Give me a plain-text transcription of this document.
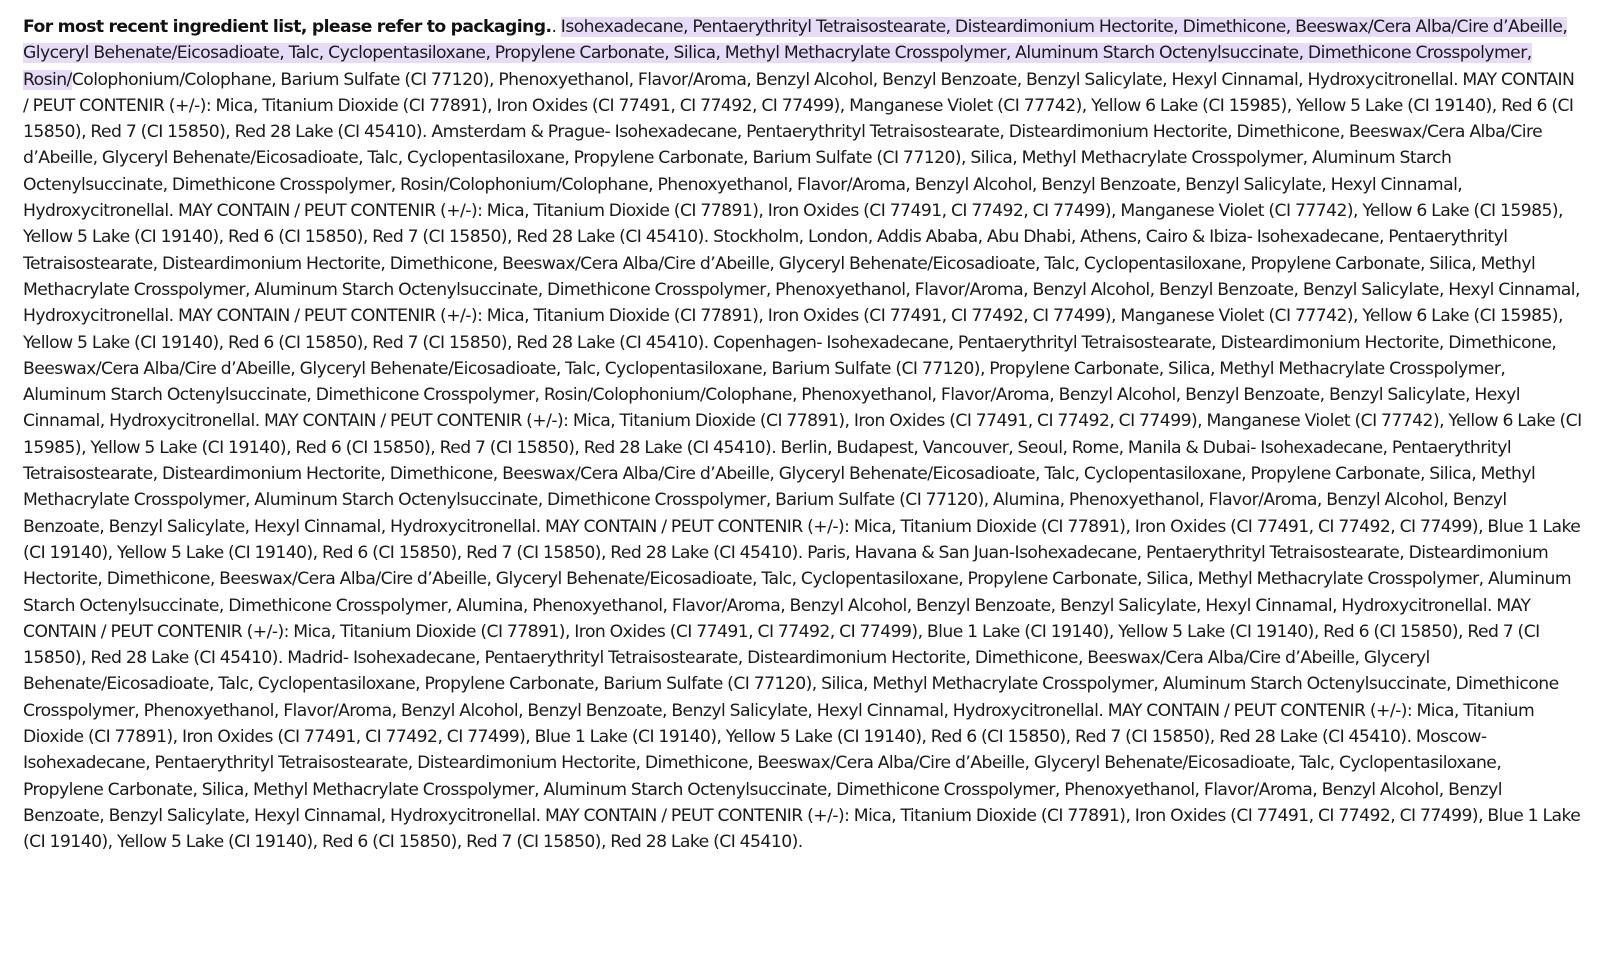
For most recent ingredient list, please refer to packaging.. Isohexadecane, Pentaerythrityl Tetraisostearate, Disteardimonium Hectorite, Dimethicone, Beeswax/Cera Alba/Cire d’Abeille, Glyceryl Behenate/Eicosadioate, Talc, Cyclopentasiloxane, Propylene Carbonate, Silica, Methyl Methacrylate Crosspolymer, Aluminum Starch Octenylsuccinate, Dimethicone Crosspolymer, Rosin/Colophonium/Colophane, Barium Sulfate (CI 77120), Phenoxyethanol, Flavor/Aroma, Benzyl Alcohol, Benzyl Benzoate, Benzyl Salicylate, Hexyl Cinnamal, Hydroxycitronellal. MAY CONTAIN / PEUT CONTENIR (+/-): Mica, Titanium Dioxide (CI 77891), Iron Oxides (CI 77491, CI 77492, CI 77499), Manganese Violet (CI 77742), Yellow 6 Lake (CI 15985), Yellow 5 Lake (CI 19140), Red 6 (CI 15850), Red 7 (CI 15850), Red 28 Lake (CI 45410). Amsterdam & Prague- Isohexadecane, Pentaerythrityl Tetraisostearate, Disteardimonium Hectorite, Dimethicone, Beeswax/Cera Alba/Cire d’Abeille, Glyceryl Behenate/Eicosadioate, Talc, Cyclopentasiloxane, Propylene Carbonate, Barium Sulfate (CI 77120), Silica, Methyl Methacrylate Crosspolymer, Aluminum Starch Octenylsuccinate, Dimethicone Crosspolymer, Rosin/Colophonium/Colophane, Phenoxyethanol, Flavor/Aroma, Benzyl Alcohol, Benzyl Benzoate, Benzyl Salicylate, Hexyl Cinnamal, Hydroxycitronellal. MAY CONTAIN / PEUT CONTENIR (+/-): Mica, Titanium Dioxide (CI 77891), Iron Oxides (CI 77491, CI 77492, CI 77499), Manganese Violet (CI 77742), Yellow 6 Lake (CI 15985), Yellow 5 Lake (CI 19140), Red 6 (CI 15850), Red 7 (CI 15850), Red 28 Lake (CI 45410). Stockholm, London, Addis Ababa, Abu Dhabi, Athens, Cairo & Ibiza- Isohexadecane, Pentaerythrityl Tetraisostearate, Disteardimonium Hectorite, Dimethicone, Beeswax/Cera Alba/Cire d’Abeille, Glyceryl Behenate/Eicosadioate, Talc, Cyclopentasiloxane, Propylene Carbonate, Silica, Methyl Methacrylate Crosspolymer, Aluminum Starch Octenylsuccinate, Dimethicone Crosspolymer, Phenoxyethanol, Flavor/Aroma, Benzyl Alcohol, Benzyl Benzoate, Benzyl Salicylate, Hexyl Cinnamal, Hydroxycitronellal. MAY CONTAIN / PEUT CONTENIR (+/-): Mica, Titanium Dioxide (CI 77891), Iron Oxides (CI 77491, CI 77492, CI 77499), Manganese Violet (CI 77742), Yellow 6 Lake (CI 15985), Yellow 5 Lake (CI 19140), Red 6 (CI 15850), Red 7 (CI 15850), Red 28 Lake (CI 45410). Copenhagen- Isohexadecane, Pentaerythrityl Tetraisostearate, Disteardimonium Hectorite, Dimethicone, Beeswax/Cera Alba/Cire d’Abeille, Glyceryl Behenate/Eicosadioate, Talc, Cyclopentasiloxane, Barium Sulfate (CI 77120), Propylene Carbonate, Silica, Methyl Methacrylate Crosspolymer, Aluminum Starch Octenylsuccinate, Dimethicone Crosspolymer, Rosin/Colophonium/Colophane, Phenoxyethanol, Flavor/Aroma, Benzyl Alcohol, Benzyl Benzoate, Benzyl Salicylate, Hexyl Cinnamal, Hydroxycitronellal. MAY CONTAIN / PEUT CONTENIR (+/-): Mica, Titanium Dioxide (CI 77891), Iron Oxides (CI 77491, CI 77492, CI 77499), Manganese Violet (CI 77742), Yellow 6 Lake (CI 15985), Yellow 5 Lake (CI 19140), Red 6 (CI 15850), Red 7 (CI 15850), Red 28 Lake (CI 45410). Berlin, Budapest, Vancouver, Seoul, Rome, Manila & Dubai- Isohexadecane, Pentaerythrityl Tetraisostearate, Disteardimonium Hectorite, Dimethicone, Beeswax/Cera Alba/Cire d’Abeille, Glyceryl Behenate/Eicosadioate, Talc, Cyclopentasiloxane, Propylene Carbonate, Silica, Methyl Methacrylate Crosspolymer, Aluminum Starch Octenylsuccinate, Dimethicone Crosspolymer, Barium Sulfate (CI 77120), Alumina, Phenoxyethanol, Flavor/Aroma, Benzyl Alcohol, Benzyl Benzoate, Benzyl Salicylate, Hexyl Cinnamal, Hydroxycitronellal. MAY CONTAIN / PEUT CONTENIR (+/-): Mica, Titanium Dioxide (CI 77891), Iron Oxides (CI 77491, CI 77492, CI 77499), Blue 1 Lake (CI 19140), Yellow 5 Lake (CI 19140), Red 6 (CI 15850), Red 7 (CI 15850), Red 28 Lake (CI 45410). Paris, Havana & San Juan-Isohexadecane, Pentaerythrityl Tetraisostearate, Disteardimonium Hectorite, Dimethicone, Beeswax/Cera Alba/Cire d’Abeille, Glyceryl Behenate/Eicosadioate, Talc, Cyclopentasiloxane, Propylene Carbonate, Silica, Methyl Methacrylate Crosspolymer, Aluminum Starch Octenylsuccinate, Dimethicone Crosspolymer, Alumina, Phenoxyethanol, Flavor/Aroma, Benzyl Alcohol, Benzyl Benzoate, Benzyl Salicylate, Hexyl Cinnamal, Hydroxycitronellal. MAY CONTAIN / PEUT CONTENIR (+/-): Mica, Titanium Dioxide (CI 77891), Iron Oxides (CI 77491, CI 77492, CI 77499), Blue 1 Lake (CI 19140), Yellow 5 Lake (CI 19140), Red 6 (CI 15850), Red 7 (CI 15850), Red 28 Lake (CI 45410). Madrid- Isohexadecane, Pentaerythrityl Tetraisostearate, Disteardimonium Hectorite, Dimethicone, Beeswax/Cera Alba/Cire d’Abeille, Glyceryl Behenate/Eicosadioate, Talc, Cyclopentasiloxane, Propylene Carbonate, Barium Sulfate (CI 77120), Silica, Methyl Methacrylate Crosspolymer, Aluminum Starch Octenylsuccinate, Dimethicone Crosspolymer, Phenoxyethanol, Flavor/Aroma, Benzyl Alcohol, Benzyl Benzoate, Benzyl Salicylate, Hexyl Cinnamal, Hydroxycitronellal. MAY CONTAIN / PEUT CONTENIR (+/-): Mica, Titanium Dioxide (CI 77891), Iron Oxides (CI 77491, CI 77492, CI 77499), Blue 1 Lake (CI 19140), Yellow 5 Lake (CI 19140), Red 6 (CI 15850), Red 7 (CI 15850), Red 28 Lake (CI 45410). Moscow- Isohexadecane, Pentaerythrityl Tetraisostearate, Disteardimonium Hectorite, Dimethicone, Beeswax/Cera Alba/Cire d’Abeille, Glyceryl Behenate/Eicosadioate, Talc, Cyclopentasiloxane, Propylene Carbonate, Silica, Methyl Methacrylate Crosspolymer, Aluminum Starch Octenylsuccinate, Dimethicone Crosspolymer, Phenoxyethanol, Flavor/Aroma, Benzyl Alcohol, Benzyl Benzoate, Benzyl Salicylate, Hexyl Cinnamal, Hydroxycitronellal. MAY CONTAIN / PEUT CONTENIR (+/-): Mica, Titanium Dioxide (CI 77891), Iron Oxides (CI 77491, CI 77492, CI 77499), Blue 1 Lake (CI 19140), Yellow 5 Lake (CI 19140), Red 6 (CI 15850), Red 7 (CI 15850), Red 28 Lake (CI 45410).
